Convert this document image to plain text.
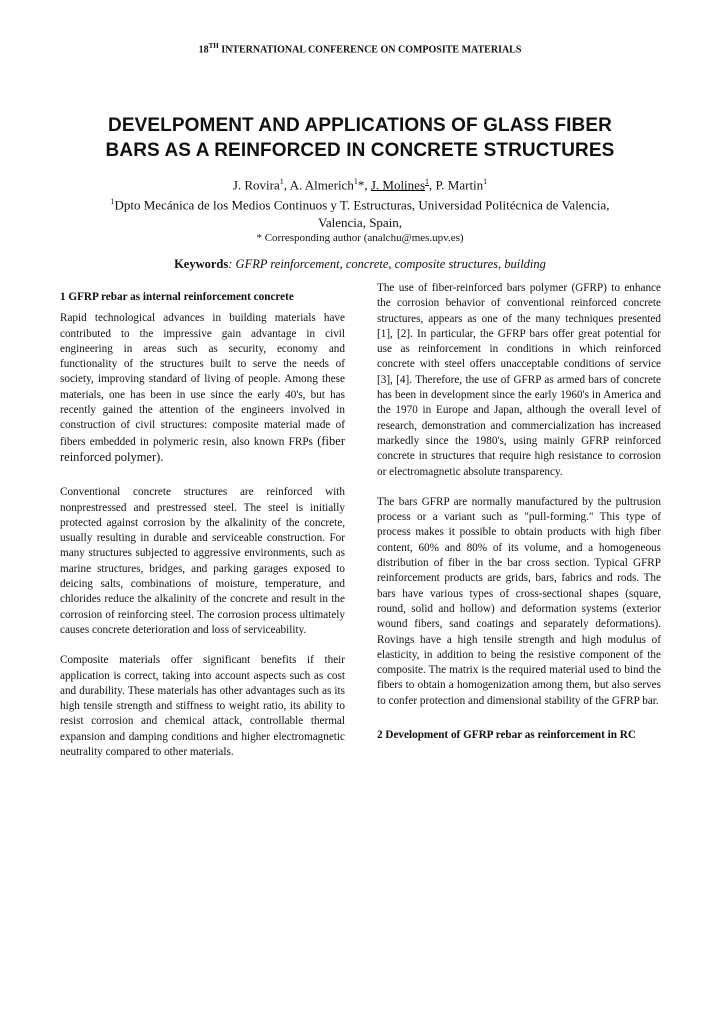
18TH INTERNATIONAL CONFERENCE ON COMPOSITE MATERIALS
DEVELPOMENT AND APPLICATIONS OF GLASS FIBER
BARS AS A REINFORCED IN CONCRETE STRUCTURES
J. Rovira$^1$, A. Almerich$^1$*, J. Molines$^1$, P. Martin$^1$
$^1$Dpto Mecánica de los Medios Continuos y T. Estructuras, Universidad Politécnica de Valencia, Valencia, Spain,
* Corresponding author (analchu@mes.upv.es)
Keywords: GFRP reinforcement, concrete, composite structures, building
1 GFRP rebar as internal reinforcement concrete

Rapid technological advances in building materials have contributed to the impressive gain advantage in civil engineering in areas such as security, economy and functionality of the structures built to serve the needs of society, improving standard of living of people. Among these materials, one has been in use since the early 40's, but has recently gained the attention of the engineers involved in construction of civil structures: composite material made of fibers embedded in polymeric resin, also known FRPs (fiber reinforced polymer).

Conventional concrete structures are reinforced with nonprestressed and prestressed steel. The steel is initially protected against corrosion by the alkalinity of the concrete, usually resulting in durable and serviceable construction. For many structures subjected to aggressive environments, such as marine structures, bridges, and parking garages exposed to deicing salts, combinations of moisture, temperature, and chlorides reduce the alkalinity of the concrete and result in the corrosion of reinforcing steel. The corrosion process ultimately causes concrete deterioration and loss of serviceability.

Composite materials offer significant benefits if their application is correct, taking into account aspects such as cost and durability. These materials has other advantages such as its high tensile strength and stiffness to weight ratio, its ability to resist corrosion and chemical attack, controllable thermal expansion and damping conditions and higher electromagnetic neutrality compared to other materials.

The use of fiber-reinforced bars polymer (GFRP) to enhance the corrosion behavior of conventional reinforced concrete structures, appears as one of the many techniques presented [1], [2]. In particular, the GFRP bars offer great potential for use as reinforcement in conditions in which reinforced concrete with steel offers unacceptable conditions of service [3], [4]. Therefore, the use of GFRP as armed bars of concrete has been in development since the early 1960's in America and the 1970 in Europe and Japan, although the overall level of research, demonstration and commercialization has increased markedly since the 1980's, using mainly GFRP reinforced concrete in structures that require high resistance to corrosion or electromagnetic absolute transparency.

The bars GFRP are normally manufactured by the pultrusion process or a variant such as "pull-forming." This type of process makes it possible to obtain products with high fiber content, 60% and 80% of its volume, and a homogeneous distribution of fiber in the bar cross section. Typical GFRP reinforcement products are grids, bars, fabrics and rods. The bars have various types of cross-sectional shapes (square, round, solid and hollow) and deformation systems (exterior wound fibers, sand coatings and separately deformations). Rovings have a high tensile strength and high modulus of elasticity, in addition to being the resistive component of the composite. The matrix is the required material used to bind the fibers to obtain a homogenization among them, but also serves to confer protection and dimensional stability of the GFRP bar.

2 Development of GFRP rebar as reinforcement in RC
